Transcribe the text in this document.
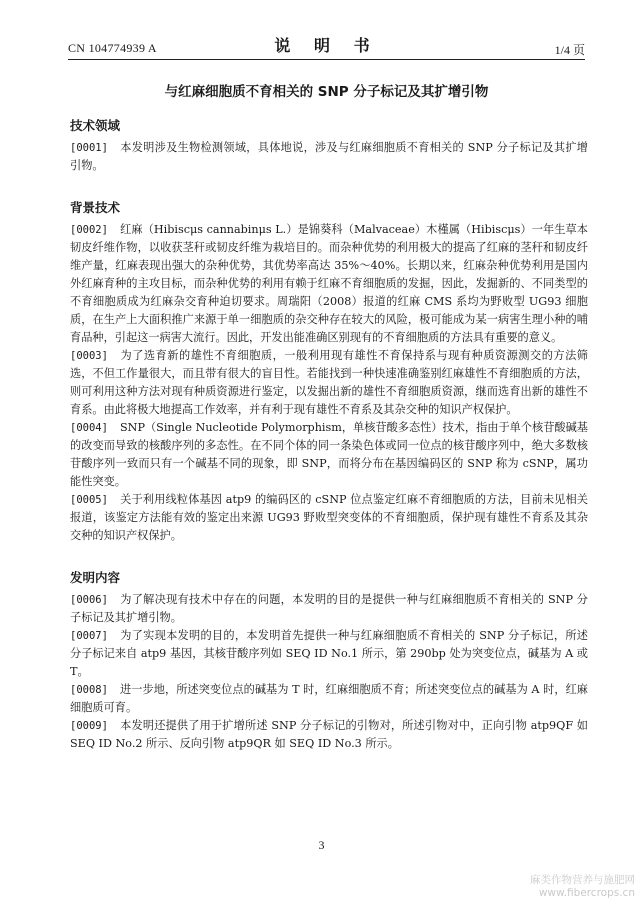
CN 104774939 A	说 明 书	1/4 页
与红麻细胞质不育相关的 SNP 分子标记及其扩增引物
技术领域

[0001] 本发明涉及生物检测领域，具体地说，涉及与红麻细胞质不育相关的 SNP 分子标记及其扩增引物。

背景技术

[0002] 红麻（Hibiscμs cannabinμs L.）是锦葵科（Malvaceae）木槿属（Hibiscμs）一年生草本韧皮纤维作物，以收获茎秆或韧皮纤维为栽培目的。而杂种优势的利用极大的提高了红麻的茎秆和韧皮纤维产量，红麻表现出强大的杂种优势，其优势率高达 35%～40%。长期以来，红麻杂种优势利用是国内外红麻育种的主攻目标，而杂种优势的利用有赖于红麻不育细胞质的发掘，因此，发掘新的、不同类型的不育细胞质成为红麻杂交育种迫切要求。周瑞阳（2008）报道的红麻 CMS 系均为野败型 UG93 细胞质，在生产上大面积推广来源于单一细胞质的杂交种存在较大的风险，极可能成为某一病害生理小种的哺育品种，引起这一病害大流行。因此，开发出能准确区别现有的不育细胞质的方法具有重要的意义。

[0003] 为了选育新的雄性不育细胞质，一般利用现有雄性不育保持系与现有种质资源测交的方法筛选，不但工作量很大，而且带有很大的盲目性。若能找到一种快速准确鉴别红麻雄性不育细胞质的方法，则可利用这种方法对现有种质资源进行鉴定，以发掘出新的雄性不育细胞质资源，继而选育出新的雄性不育系。由此将极大地提高工作效率，并有利于现有雄性不育系及其杂交种的知识产权保护。

[0004] SNP（Single Nucleotide Polymorphism，单核苷酸多态性）技术，指由于单个核苷酸碱基的改变而导致的核酸序列的多态性。在不同个体的同一条染色体或同一位点的核苷酸序列中，绝大多数核苷酸序列一致而只有一个碱基不同的现象，即 SNP，而将分布在基因编码区的 SNP 称为 cSNP，属功能性突变。

[0005] 关于利用线粒体基因 atp9 的编码区的 cSNP 位点鉴定红麻不育细胞质的方法，目前未见相关报道，该鉴定方法能有效的鉴定出来源 UG93 野败型突变体的不育细胞质，保护现有雄性不育系及其杂交种的知识产权保护。

发明内容

[0006] 为了解决现有技术中存在的问题，本发明的目的是提供一种与红麻细胞质不育相关的 SNP 分子标记及其扩增引物。

[0007] 为了实现本发明的目的，本发明首先提供一种与红麻细胞质不育相关的 SNP 分子标记，所述分子标记来自 atp9 基因，其核苷酸序列如 SEQ ID No.1 所示，第 290bp 处为突变位点，碱基为 A 或 T。

[0008] 进一步地，所述突变位点的碱基为 T 时，红麻细胞质不育；所述突变位点的碱基为 A 时，红麻细胞质可育。

[0009] 本发明还提供了用于扩增所述 SNP 分子标记的引物对，所述引物对中，正向引物 atp9QF 如 SEQ ID No.2 所示、反向引物 atp9QR 如 SEQ ID No.3 所示。

3
麻类作物营养与施肥网
www.fibercrops.cn
